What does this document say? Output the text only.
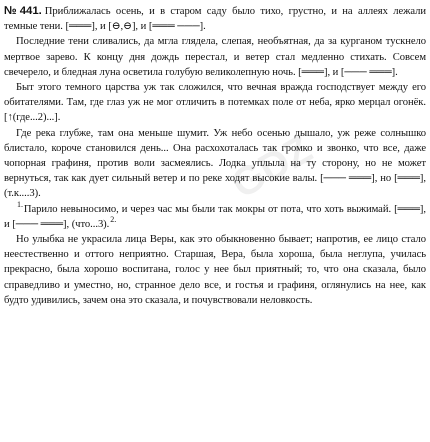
GDZ

№ 441. Приближалась осень, и в старом саду было тихо, грустно, и на аллеях лежали темные тени. [═══], и [⊖,⊖], и [═══ ───].

Последние тени сливались, да мгла глядела, слепая, необъятная, да за курганом тускнело мертвое зарево. К концу дня дождь перестал, и ветер стал медленно стихать. Совсем свечерело, и бледная луна осветила голубую великолепную ночь. [═══], и [─── ═══].

Быт этого темного царства уж так сложился, что вечная вражда господствует между его обитателями. Там, где глаз уж не мог отличить в потемках поле от неба, ярко мерцал огонёк. [↑(где...2)...].

Где река глубже, там она меньше шумит. Уж небо осенью дышало, уж реже солнышко блистало, короче становился день... Она расхохоталась так громко и звонко, что все, даже чопорная графиня, против воли засмеялись. Лодка уплыла на ту сторону, но не может вернуться, так как дует сильный ветер и по реке ходят высокие валы. [─── ═══], но [═══], (т.к....3).

$^{1.}$Парило невыносимо, и через час мы были так мокры от пота, что хоть выжимай. [═══], и [─── ═══], (что...3).$^{2.}$

Но улыбка не украсила лица Веры, как это обыкновенно бывает; напротив, ее лицо стало неестественно и оттого неприятно. Старшая, Вера, была хороша, была неглупа, училась прекрасно, была хорошо воспитана, голос у нее был приятный; то, что она сказала, было справедливо и уместно, но, странное дело все, и гостья и графиня, оглянулись на нее, как будто удивились, зачем она это сказала, и почувствовали неловкость.
